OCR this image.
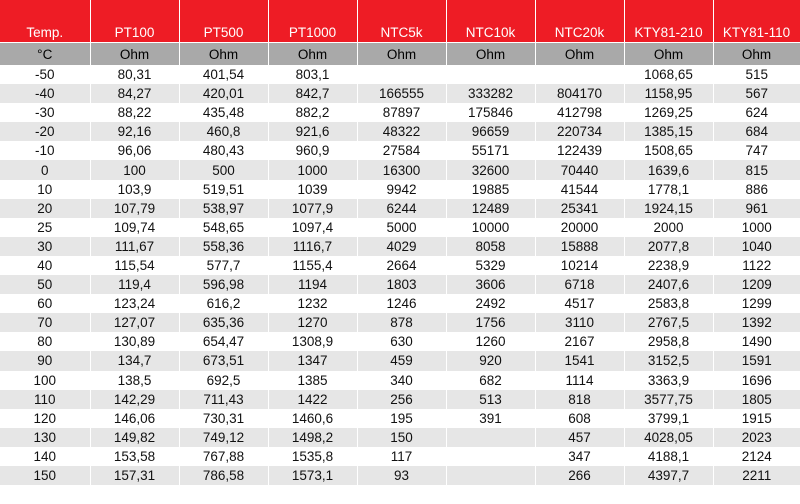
Temp.	PT100	PT500	PT1000	NTC5k	NTC10k	NTC20k	KTY81-210	KTY81-110
°C	Ohm	Ohm	Ohm	Ohm	Ohm	Ohm	Ohm	Ohm
-50	80,31	401,54	803,1				1068,65	515
-40	84,27	420,01	842,7	166555	333282	804170	1158,95	567
-30	88,22	435,48	882,2	87897	175846	412798	1269,25	624
-20	92,16	460,8	921,6	48322	96659	220734	1385,15	684
-10	96,06	480,43	960,9	27584	55171	122439	1508,65	747
0	100	500	1000	16300	32600	70440	1639,6	815
10	103,9	519,51	1039	9942	19885	41544	1778,1	886
20	107,79	538,97	1077,9	6244	12489	25341	1924,15	961
25	109,74	548,65	1097,4	5000	10000	20000	2000	1000
30	111,67	558,36	1116,7	4029	8058	15888	2077,8	1040
40	115,54	577,7	1155,4	2664	5329	10214	2238,9	1122
50	119,4	596,98	1194	1803	3606	6718	2407,6	1209
60	123,24	616,2	1232	1246	2492	4517	2583,8	1299
70	127,07	635,36	1270	878	1756	3110	2767,5	1392
80	130,89	654,47	1308,9	630	1260	2167	2958,8	1490
90	134,7	673,51	1347	459	920	1541	3152,5	1591
100	138,5	692,5	1385	340	682	1114	3363,9	1696
110	142,29	711,43	1422	256	513	818	3577,75	1805
120	146,06	730,31	1460,6	195	391	608	3799,1	1915
130	149,82	749,12	1498,2	150		457	4028,05	2023
140	153,58	767,88	1535,8	117		347	4188,1	2124
150	157,31	786,58	1573,1	93		266	4397,7	2211
